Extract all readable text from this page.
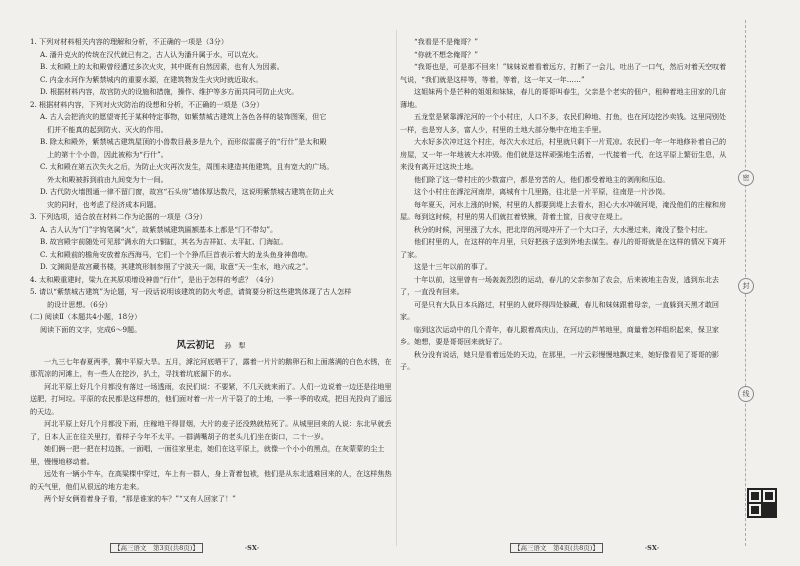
1. 下列对材料相关内容的理解和分析，不正确的一项是（3分）

A. 潘升克火的传统在汉代就已有之，古人认为潘升属于水，可以克火。

B. 太和殿上的太和殿曾经遭过多次火灾，其中既有自然因素，也有人为因素。

C. 内金水河作为紫禁城内的重要水源，在建筑物发生火灾时就近取水。

D. 根据材料内容，故宫防火的设施和措施，操作、维护等多方面共同可防止火灾。

2. 根据材料内容，下列对火灾防治的设想和分析，不正确的一项是（3分）

A. 古人会把消灾的愿望寄托于某种特定事物，如紫禁城古建筑上各色各样的装饰图案，但它

　们并不能真的起到防火、灭火的作用。

B. 除太和殿外，紫禁城古建筑屋顶的小兽数目最多是九个，而形似雷震子的“行什”是太和殿

　上的第十个小兽，因此被称为“行什”。

C. 太和殿在第五次失火之后，为防止火灾再次发生，周围未建造其他建筑，且有宽大的广场。

　外太和殿被拆到前由九间变为十一间。

D. 古代防火墙围通一律不留门窗，故宫“石头房”墙体厚达数尺，这说明紫禁城古建筑在防止火

　灾的同时，也考虑了经济成本问题。

3. 下列选项，适合放在材料二作为论据的一项是（3分）

A. 古人认为“门”字钩笔属“火”，故紫禁城建筑匾额基本上都是“门不带勾”。

B. 故宫殿宇前随处可见那“满水的大口铜缸，其名为吉祥缸、太平缸、门海缸。

C. 太和殿前的檐角安放着东西海马，它们一个个狰爪巨首表示着大的龙头鱼身神兽吻。

D. 文渊阁是故宫藏书楼，其建筑形制参照了宁波天一阁，取意“天一生水，地六成之”。

4. 太和殿重建时，梁九在其原项增设神兽“行什”，是出于怎样的考虑？（4分）

5. 请以“紫禁城古建筑”为论题，写一段话说明该建筑的防火考虑，请简要分析这些建筑体现了古人怎样

　的设计思想。（6分）

(二) 阅读Ⅱ（本题共4小题，18分）

阅读下面的文字，完成6～9题。

风云初记 孙　犁

一九三七年春夏两季，冀中平原大旱。五月，滹沱河底晒干了，露着一片片的鹅卵石和上面落满的白色水锈，在那荒凉的河滩上，有一些人在挖沙，扒土，寻找着坑底漏下的水。

河北平原上好几个月都没有落过一场透雨，农民们说：不要紧，不几天就来雨了。人们一边说着一边还是往地里送肥，打坷垃。平原的农民都是这样想的，他们面对着一片一片干裂了的土地，一季一季的收成，把目光投向了遥远的天边。

河北平原上好几个月都没下雨，庄稼地干得冒烟，大片的麦子还没熟就枯死了。从城里回来的人说：东北早就丢了，日本人正在往关里打，看样子今年不太平。一群满嘴胡子的老头儿们坐在街口，二十一岁。

她们俩一把一把在村边拣，一面唱，一面往家里走，她们在这平原上，就像一个小小的黑点，在灰蒙蒙的尘土里，慢慢地移动着。

远处有一辆小牛车，在高粱棵中穿过，车上有一群人，身上背着包袱，他们是从东北逃难回来的人，在这样焦热的天气里，他们从很远的地方走来。

两个好女俩看着身子看，“那是谁家的车？”“又有人回家了！”

“我看是不是俺哥？”

“你就不想念俺哥？”

“我哥也是，可是那不回来！”妹妹说着看着远方，打断了一会儿，吐出了一口气，然后对着天空叹着气说，“我们就是这样等，等着，等着，这一年又一年……”

这姐妹两个是芒种的姐姐和妹妹，春儿的哥哥叫春生，父亲是个老实的佃户，租种着地主田家的几亩薄地。

五龙堂是紧靠滹沱河的一个小村庄，人口不多，农民们种地、打鱼，也在河边挖沙卖钱。这里同别处一样，也是穷人多，富人少，村里的土地大部分集中在地主手里。

大水好多次冲过这个村庄，每次大水过后，村里就只剩下一片荒凉。农民们一年一年地修补着自己的房屋，又一年一年地被大水冲毁。他们就是这样顽强地生活着，一代接着一代，在这平原上繁衍生息，从来没有离开过这块土地。

他们除了这一带村庄的少数富户，都是穷苦的人，他们都受着地主的剥削和压迫。

这个小村庄在滹沱河南岸，离城有十几里路，往北是一片平原，往南是一片沙岗。

每年夏天，河水上涨的时候，村里的人都要到堤上去看水，担心大水冲破河堤，淹没他们的庄稼和房屋。每到这时候，村里的男人们就扛着铁锹，背着土筐，日夜守在堤上。

秋分的时候，河里涨了大水，把北岸的河堤冲开了一个大口子，大水漫过来，淹没了整个村庄。

他们村里的人，在这样的年月里，只好把孩子送到外地去谋生。春儿的哥哥就是在这样的情况下离开了家。

这是十三年以前的事了。

十年以前，这里曾有一场轰轰烈烈的运动，春儿的父亲参加了农会，后来被地主告发，逃到东北去了，一直没有回来。

可是只有大队日本兵路过，村里的人就吓得四处躲藏，春儿和妹妹跟着母亲，一直躲到天黑才敢回家。

临到这次运动中的几个青年，春儿跟着高庆山，在河边的芦苇地里，商量着怎样组织起来，保卫家乡。她想，要是哥哥回来就好了。

秋分没有说话，她只是看着远处的天边，在那里，一片云彩慢慢地飘过来，她好像看见了哥哥的影子。

【高三语文　第3页(共8页)】	·SX·	【高三语文　第4页(共8页)】	·SX·
密
封
线
